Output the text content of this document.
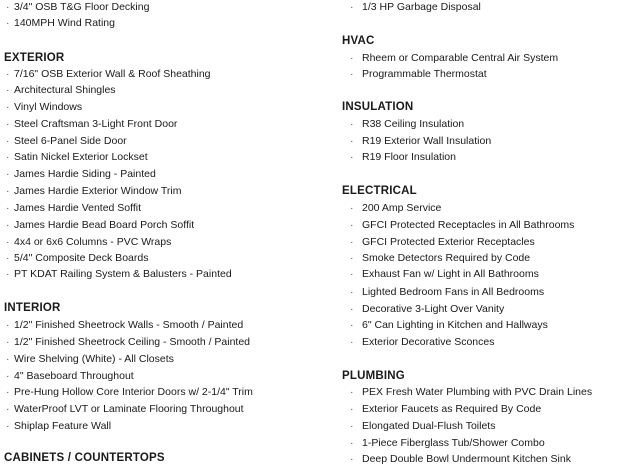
· 3/4" OSB T&G Floor Decking
· 140MPH Wind Rating
EXTERIOR
· 7/16" OSB Exterior Wall & Roof Sheathing
· Architectural Shingles
· Vinyl Windows
· Steel Craftsman 3-Light Front Door
· Steel 6-Panel Side Door
· Satin Nickel Exterior Lockset
· James Hardie Siding - Painted
· James Hardie Exterior Window Trim
· James Hardie Vented Soffit
· James Hardie Bead Board Porch Soffit
· 4x4 or 6x6 Columns - PVC Wraps
· 5/4" Composite Deck Boards
· PT KDAT Railing System & Balusters - Painted
INTERIOR
· 1/2" Finished Sheetrock Walls - Smooth / Painted
· 1/2" Finished Sheetrock Ceiling - Smooth / Painted
· Wire Shelving (White) - All Closets
· 4" Baseboard Throughout
· Pre-Hung Hollow Core Interior Doors w/ 2-1/4" Trim
· WaterProof LVT or Laminate Flooring Throughout
· Shiplap Feature Wall
CABINETS / COUNTERTOPS
· 1/3 HP Garbage Disposal
HVAC
· Rheem or Comparable Central Air System
· Programmable Thermostat
INSULATION
· R38 Ceiling Insulation
· R19 Exterior Wall Insulation
· R19 Floor Insulation
ELECTRICAL
· 200 Amp Service
· GFCI Protected Receptacles in All Bathrooms
· GFCI Protected Exterior Receptacles
· Smoke Detectors Required by Code
· Exhaust Fan w/ Light in All Bathrooms
· Lighted Bedroom Fans in All Bedrooms
· Decorative 3-Light Over Vanity
· 6" Can Lighting in Kitchen and Hallways
· Exterior Decorative Sconces
PLUMBING
· PEX Fresh Water Plumbing with PVC Drain Lines
· Exterior Faucets as Required By Code
· Elongated Dual-Flush Toilets
· 1-Piece Fiberglass Tub/Shower Combo
· Deep Double Bowl Undermount Kitchen Sink
